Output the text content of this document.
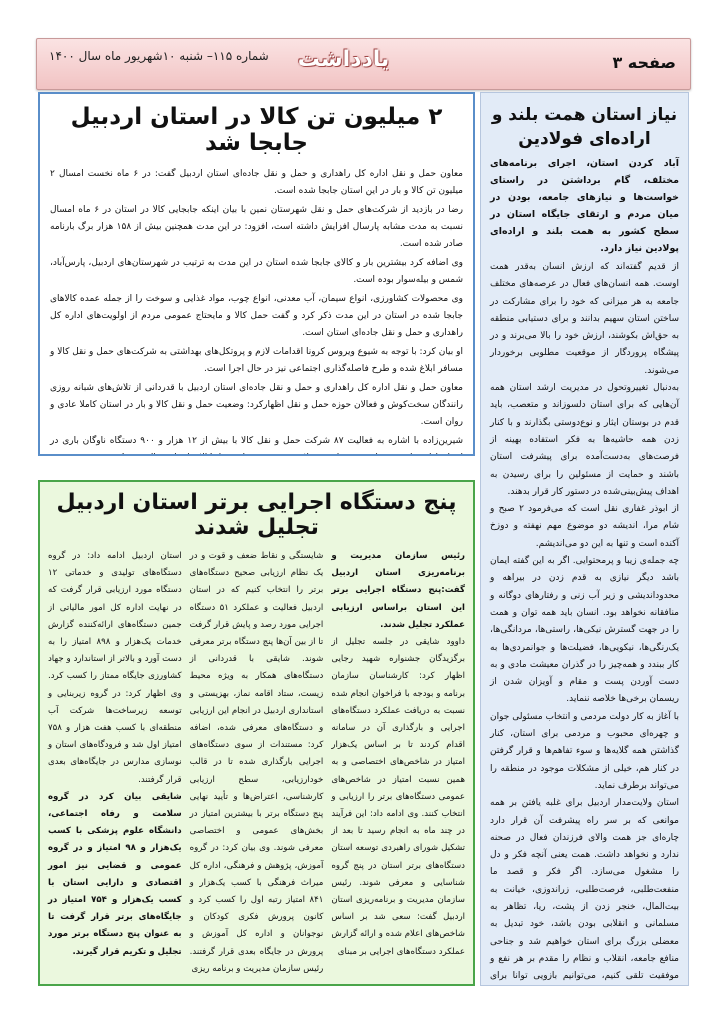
صفحه ۳
یادداشت
شماره ۱۱۵– شنبه ۱۰شهریور ماه سال ۱۴۰۰
۲ میلیون تن کالا در استان اردبیل جابجا شد

معاون حمل و نقل اداره کل راهداری و حمل و نقل جاده‌ای استان اردبیل گفت: در ۶ ماه نخست امسال ۲ میلیون تن کالا و بار در این استان جابجا شده است.

رضا در بازدید از شرکت‌های حمل و نقل شهرستان نمین با بیان اینکه جابجایی کالا در استان در ۶ ماه امسال نسبت به مدت مشابه پارسال افزایش داشته است، افزود: در این مدت همچنین بیش از ۱۵۸ هزار برگ بارنامه صادر شده است.

وی اضافه کرد بیشترین بار و کالای جابجا شده استان در این مدت به ترتیب در شهرستان‌های اردبیل، پارس‌آباد، شمس و بیله‌سوار بوده است.

وی محصولات کشاورزی، انواع سیمان، آب معدنی، انواع چوب، مواد غذایی و سوخت را از جمله عمده کالاهای جابجا شده در استان در این مدت ذکر کرد و گفت حمل کالا و مایحتاج عمومی مردم از اولویت‌های اداره کل راهداری و حمل و نقل جاده‌ای استان است.

او بیان کرد: با توجه به شیوع ویروس کرونا اقدامات لازم و پروتکل‌های بهداشتی به شرکت‌های حمل و نقل کالا و مسافر ابلاغ شده و طرح فاصله‌گذاری اجتماعی نیز در حال اجرا است.

معاون حمل و نقل اداره کل راهداری و حمل و نقل جاده‌ای استان اردبیل با قدردانی از تلاش‌های شبانه روزی رانندگان سخت‌کوش و فعالان حوزه حمل و نقل اظهارکرد: وضعیت حمل و نقل کالا و بار در استان کاملا عادی و روان است.

شیرین‌زاده با اشاره به فعالیت ۸۷ شرکت حمل و نقل کالا با بیش از ۱۲ هزار و ۹۰۰ دستگاه ناوگان باری در

نیاز استان همت بلند و اراده‌ای فولادین

آباد کردن استان، اجرای برنامه‌های مختلف، گام برداشتن در راستای خواست‌ها و نیازهای جامعه، بودن در میان مردم و ارتقای جایگاه استان در سطح کشور به همت بلند و اراده‌ای پولادین نیاز دارد.

از قدیم گفته‌اند که ارزش انسان به‌قدر همت اوست. همه انسان‌های فعال در عرصه‌های مختلف جامعه به هر میزانی که خود را برای مشارکت در ساختن استان سهیم بدانند و برای دستیابی منطقه به حق‌اش بکوشند، ارزش خود را بالا می‌برند و در پیشگاه پروردگار از موقعیت مطلوبی برخوردار می‌شوند.

به‌دنبال تغییروتحول در مدیریت ارشد استان همه آن‌هایی که برای استان دلسوزاند و متعصب، باید قدم در بوستان ایثار و نوع‌دوستی بگذارند و با کنار زدن همه حاشیه‌ها به فکر استفاده بهینه از فرصت‌های به‌دست‌آمده برای پیشرفت استان باشند و حمایت از مسئولین را برای رسیدن به اهداف پیش‌بینی‌شده در دستور کار قرار بدهند.

از ابوذر غفاری نقل است که می‌فرمود ۲ صبح و شام مرا، اندیشه دو موضوع مهم نهفته و دوزخ آکنده است و تنها به این دو می‌اندیشم.

چه جمله‌ی زیبا و پرمحتوایی. اگر به این گفته ایمان باشد دیگر نیازی به قدم زدن در بیراهه و محدوداندیشی و زیر آب زنی و رفتارهای دوگانه و منافقانه نخواهد بود. انسان باید همه توان و همت را در جهت گسترش نیکی‌ها، راستی‌ها، مردانگی‌ها، یک‌رنگی‌ها، نیکویی‌ها، فضیلت‌ها و جوانمردی‌ها به کار ببندد و همه‌چیز را در گذران معیشت مادی و به دست آوردن پست و مقام و آویزان شدن از ریسمان برخی‌ها خلاصه ننماید.

با آغاز به کار دولت مردمی و انتخاب مسئولی جوان و چهره‌ای محبوب و مردمی برای استان، کنار گذاشتن همه گلایه‌ها و سوء تفاهم‌ها و قرار گرفتن در کنار هم، خیلی از مشکلات موجود در منطقه را می‌تواند برطرف نماید.

استان ولایت‌مدار اردبیل برای غلبه یافتن بر همه موانعی که بر سر راه پیشرفت آن قرار دارد چاره‌ای جز همت والای فرزندان فعال در صحنه ندارد و نخواهد داشت. همت یعنی آنچه فکر و دل را مشغول می‌سازد. اگر فکر و قصد ما منفعت‌طلبی، فرصت‌طلبی، زراندوزی، خیانت به بیت‌المال، خنجر زدن از پشت، ریا، تظاهر به مسلمانی و انقلابی بودن باشد، خود تبدیل به معضلی بزرگ برای استان خواهیم شد و جناحی منافع جامعه، انقلاب و نظام را مقدم بر هر نفع و موفقیت تلقی کنیم، می‌توانیم بازویی توانا برای

پنج دستگاه اجرایی برتر استان اردبیل تجلیل شدند

رئیس سازمان مدیریت و برنامه‌ریزی استان اردبیل گفت:پنج دستگاه اجرایی برتر این استان براساس ارزیابی عملکرد تجلیل شدند.

داوود شایقی در جلسه تجلیل از برگزیدگان جشنواره شهید رجایی اظهار کرد: کارشناسان سازمان برنامه و بودجه با فراخوان انجام شده نسبت به دریافت عملکرد دستگاه‌های اجرایی و بارگذاری آن در سامانه اقدام کردند تا بر اساس یک‌هزار امتیاز در شاخص‌های اختصاصی و به همین نسبت امتیاز در شاخص‌های عمومی دستگاه‌های برتر را ارزیابی و انتخاب کنند. وی ادامه داد: این فرآیند در چند ماه به انجام رسید تا بعد از تشکیل شورای راهبردی توسعه استان دستگاه‌های برتر استان در پنج گروه شناسایی و معرفی شوند. رئیس سازمان مدیریت و برنامه‌ریزی استان اردبیل گفت: سعی شد بر اساس شاخص‌های اعلام شده و ارائه گزارش عملکرد دستگاه‌های اجرایی بر مبنای

شایستگی و نقاط ضعف و قوت و در یک نظام ارزیابی صحیح دستگاه‌های برتر را انتخاب کنیم که در استان اردبیل فعالیت و عملکرد ۵۱ دستگاه اجرایی مورد رصد و پایش قرار گرفت تا از بین آن‌ها پنج دستگاه برتر معرفی شوند. شایقی با قدردانی از دستگاه‌های همکار به ویژه محیط زیست، ستاد اقامه نماز، بهزیستی و استانداری اردبیل در انجام این ارزیابی و دستگاه‌های معرفی شده، اضافه کرد: مستندات از سوی دستگاه‌های اجرایی بارگذاری شده تا در قالب خودارزیابی، سطح ارزیابی کارشناسی، اعتراض‌ها و تأیید نهایی پنج دستگاه برتر با بیشترین امتیاز در بخش‌های عمومی و اختصاصی معرفی شوند. وی بیان کرد: در گروه آموزش، پژوهش و فرهنگی، اداره کل میراث فرهنگی با کسب یک‌هزار و ۸۴۱ امتیاز رتبه اول را کسب کرد و کانون پرورش فکری کودکان و نوجوانان و اداره کل آموزش و پرورش در جایگاه بعدی قرار گرفتند. رئیس سازمان مدیریت و برنامه ریزی

استان اردبیل ادامه داد: در گروه دستگاه‌های تولیدی و خدماتی ۱۲ دستگاه مورد ارزیابی قرار گرفت که در نهایت اداره کل امور مالیاتی از جمین دستگاه‌های ارائه‌کننده گزارش خدمات یک‌هزار و ۸۹۸ امتیاز را به دست آورد و بالاتر از استاندارد و جهاد کشاورزی جایگاه ممتاز را کسب کرد. وی اظهار کرد: در گروه زیربنایی و توسعه زیرساخت‌ها شرکت آب منطقه‌ای با کسب هفت هزار و ۷۵۸ امتیاز اول شد و فرودگاه‌های استان و نوسازی مدارس در جایگاه‌های بعدی قرار گرفتند.

شایقی بیان کرد در گروه سلامت و رفاه اجتماعی، دانشگاه علوم پزشکی با کسب یک‌هزار و ۹۸ امتیاز و در گروه عمومی و قضایی نیز امور اقتصادی و دارایی استان با کسب یک‌هزار و ۷۵۴ امتیاز در جایگاه‌های برتر قرار گرفت تا به عنوان پنج دستگاه برتر مورد تجلیل و تکریم قرار گیرند.
